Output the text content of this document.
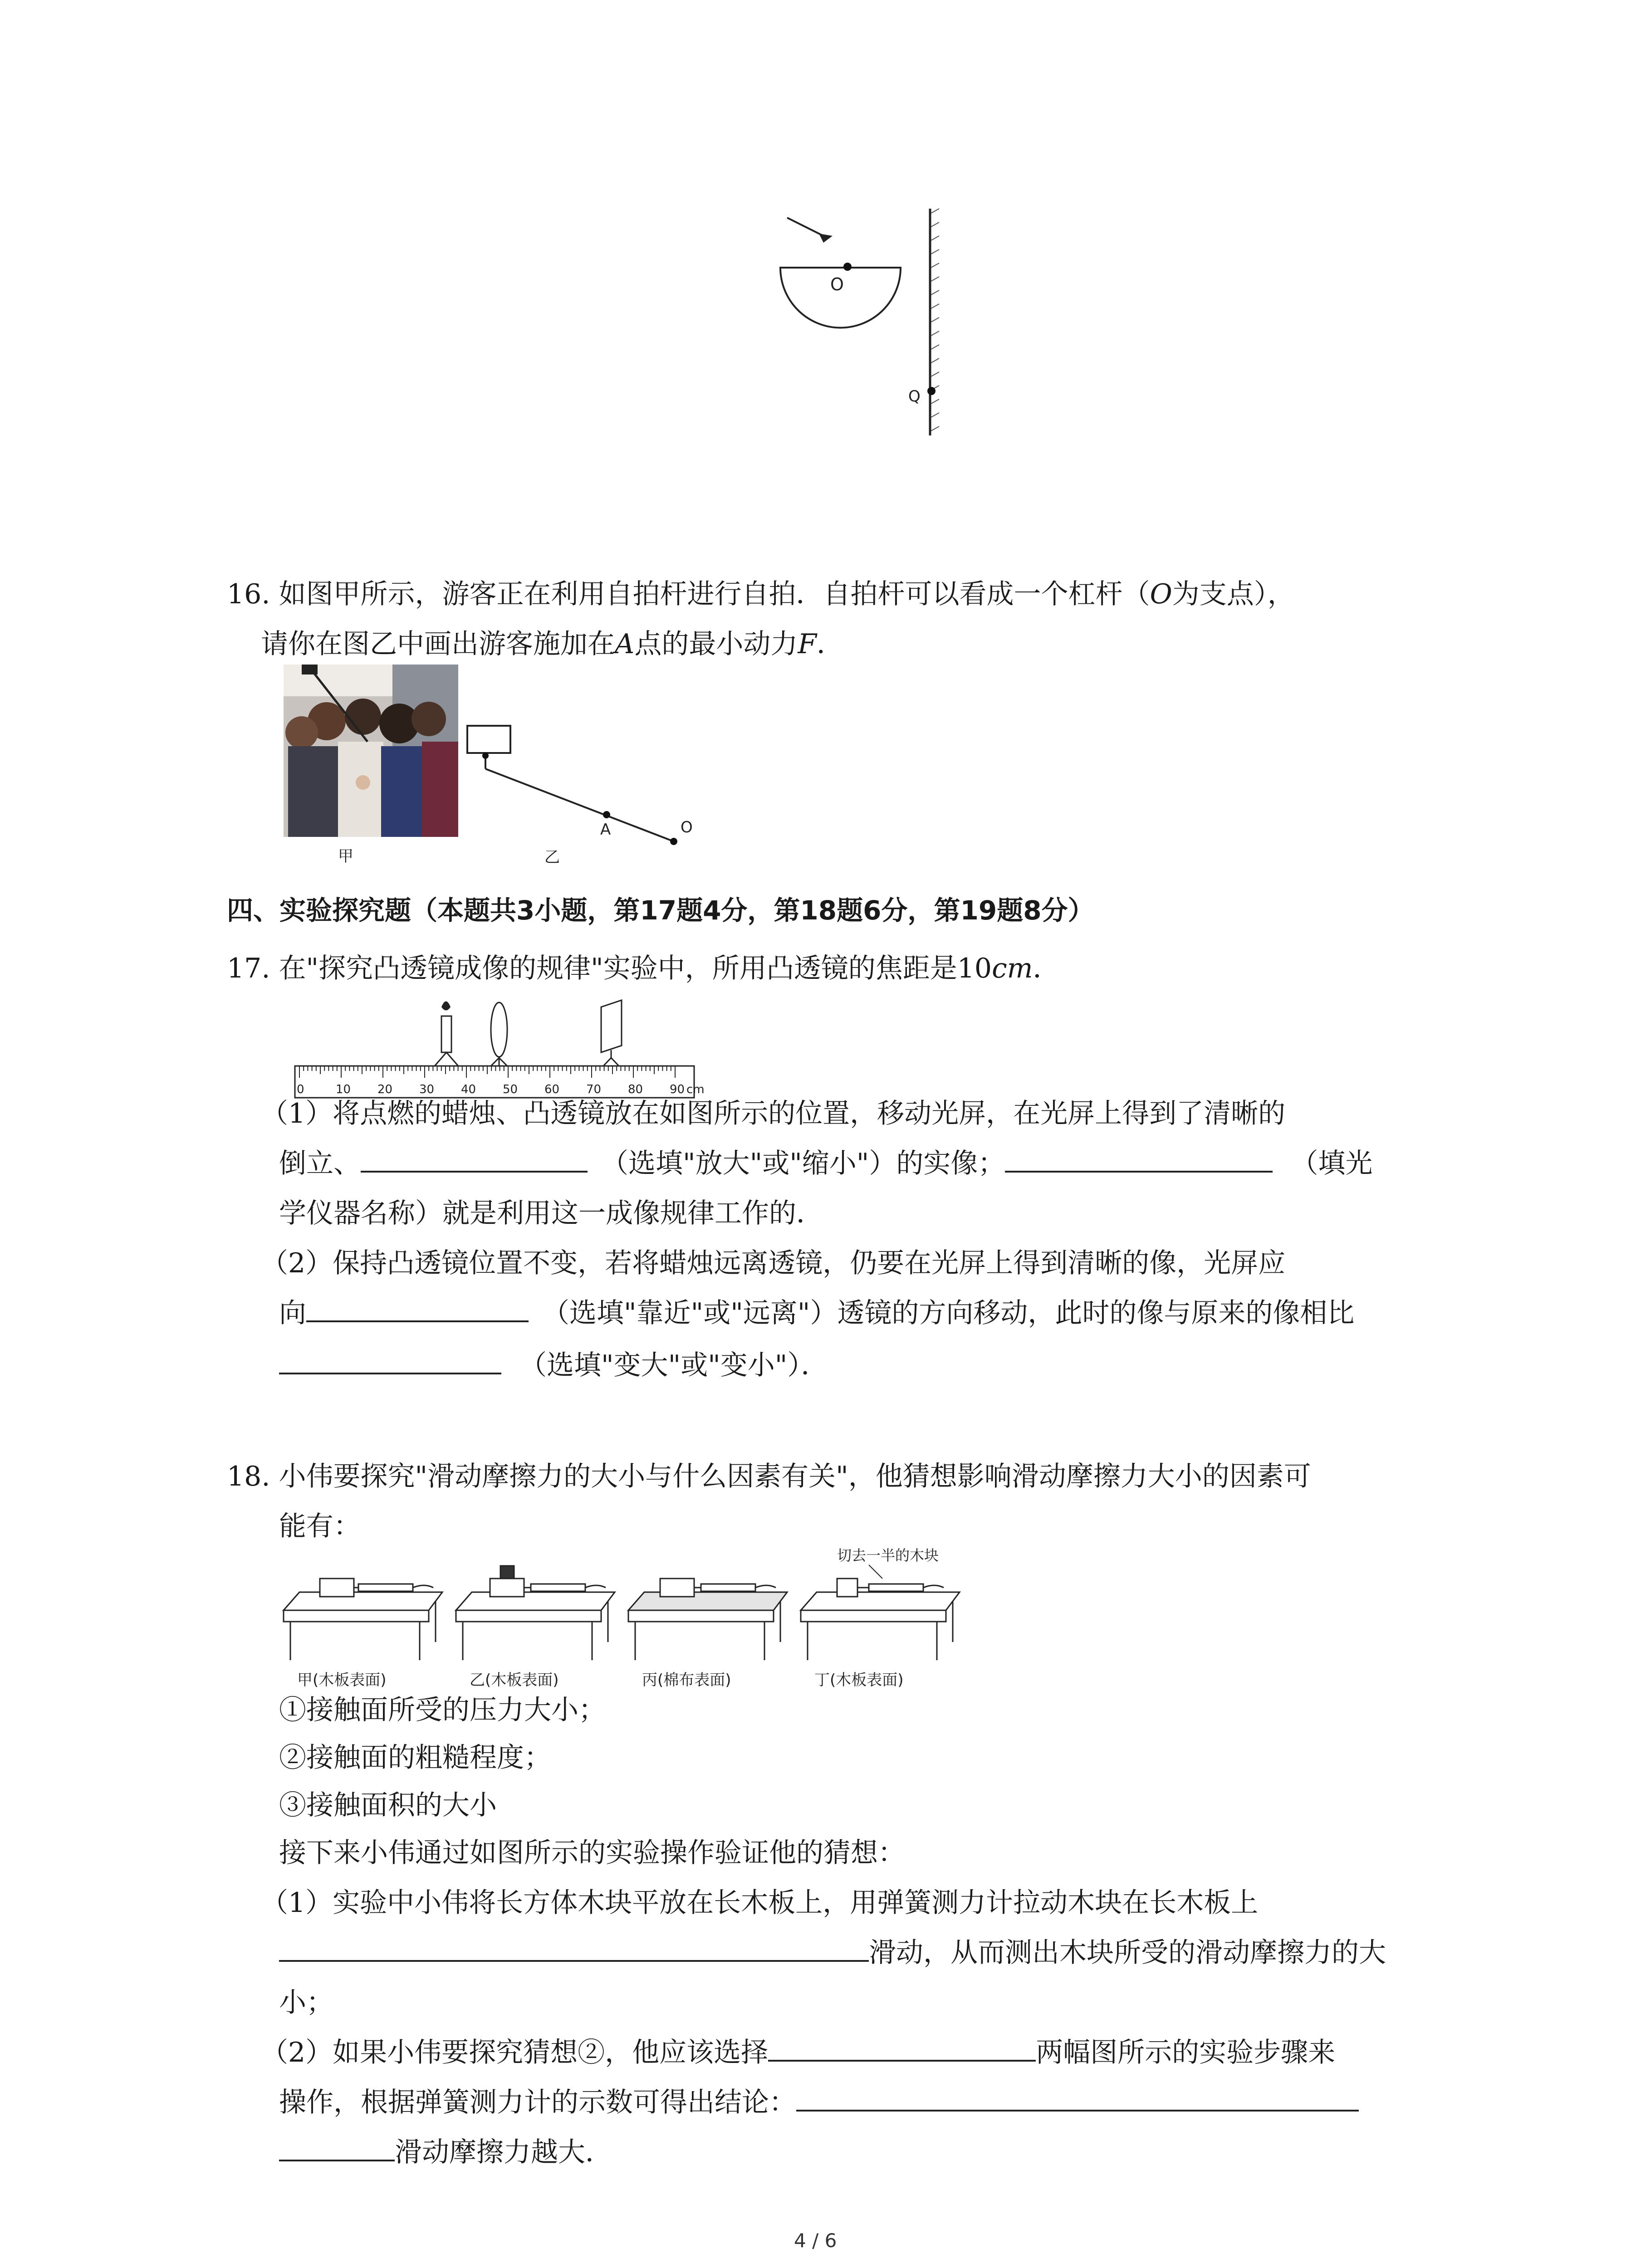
O
Q
16. 如图甲所示，游客正在利用自拍杆进行自拍．自拍杆可以看成一个杠杆（O为支点），
请你在图乙中画出游客施加在A点的最小动力F．
甲
A	O
乙
四、实验探究题（本题共3小题，第17题4分，第18题6分，第19题8分）
17. 在"探究凸透镜成像的规律"实验中，所用凸透镜的焦距是10cm．
0	10 20 30 40 50 60 70 80 90 cm
（1）将点燃的蜡烛、凸透镜放在如图所示的位置，移动光屏，在光屏上得到了清晰的
倒立、	（选填"放大"或"缩小"）的实像；	（填光
学仪器名称）就是利用这一成像规律工作的．
（2）保持凸透镜位置不变，若将蜡烛远离透镜，仍要在光屏上得到清晰的像，光屏应
向	（选填"靠近"或"远离"）透镜的方向移动，此时的像与原来的像相比
（选填"变大"或"变小"）．
18. 小伟要探究"滑动摩擦力的大小与什么因素有关"，他猜想影响滑动摩擦力大小的因素可
能有：
切去一半的木块
甲(木板表面)	乙(木板表面)	丙(棉布表面)	丁(木板表面)
①接触面所受的压力大小；
②接触面的粗糙程度；
③接触面积的大小
接下来小伟通过如图所示的实验操作验证他的猜想：
（1）实验中小伟将长方体木块平放在长木板上，用弹簧测力计拉动木块在长木板上
滑动，从而测出木块所受的滑动摩擦力的大
小；
（2）如果小伟要探究猜想②，他应该选择	两幅图所示的实验步骤来
操作，根据弹簧测力计的示数可得出结论：
滑动摩擦力越大．
4 / 6
